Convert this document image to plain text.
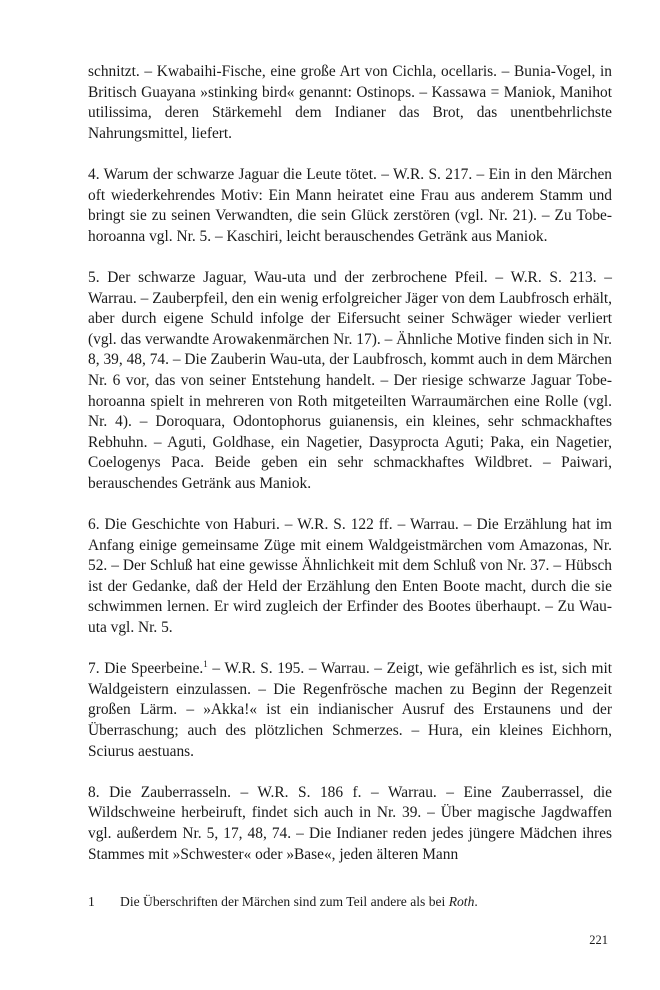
schnitzt. – Kwabaihi-Fische, eine große Art von Cichla, ocellaris. – Bunia-Vogel, in Britisch Guayana »stinking bird« genannt: Ostinops. – Kassawa = Maniok, Manihot utilissima, deren Stärkemehl dem Indianer das Brot, das unentbehrlichste Nahrungsmittel, liefert.

4. Warum der schwarze Jaguar die Leute tötet. – W.R. S. 217. – Ein in den Märchen oft wiederkehrendes Motiv: Ein Mann heiratet eine Frau aus anderem Stamm und bringt sie zu seinen Verwandten, die sein Glück zerstören (vgl. Nr. 21). – Zu Tobe-horoanna vgl. Nr. 5. – Kaschiri, leicht berauschendes Getränk aus Maniok.

5. Der schwarze Jaguar, Wau-uta und der zerbrochene Pfeil. – W.R. S. 213. – Warrau. – Zauberpfeil, den ein wenig erfolgreicher Jäger von dem Laubfrosch erhält, aber durch eigene Schuld infolge der Eifersucht seiner Schwäger wieder verliert (vgl. das verwandte Arowakenmärchen Nr. 17). – Ähnliche Motive finden sich in Nr. 8, 39, 48, 74. – Die Zauberin Wau-uta, der Laubfrosch, kommt auch in dem Märchen Nr. 6 vor, das von seiner Entstehung handelt. – Der riesige schwarze Jaguar Tobe-horoanna spielt in mehreren von Roth mitgeteilten Warraumärchen eine Rolle (vgl. Nr. 4). – Doroquara, Odontophorus guianensis, ein kleines, sehr schmackhaftes Rebhuhn. – Aguti, Goldhase, ein Nagetier, Dasyprocta Aguti; Paka, ein Nagetier, Coelogenys Paca. Beide geben ein sehr schmackhaftes Wildbret. – Paiwari, berauschendes Getränk aus Maniok.

6. Die Geschichte von Haburi. – W.R. S. 122 ff. – Warrau. – Die Erzählung hat im Anfang einige gemeinsame Züge mit einem Waldgeistmärchen vom Amazonas, Nr. 52. – Der Schluß hat eine gewisse Ähnlichkeit mit dem Schluß von Nr. 37. – Hübsch ist der Gedanke, daß der Held der Erzählung den Enten Boote macht, durch die sie schwimmen lernen. Er wird zugleich der Erfinder des Bootes überhaupt. – Zu Wau-uta vgl. Nr. 5.

7. Die Speerbeine.$^1$ – W.R. S. 195. – Warrau. – Zeigt, wie gefährlich es ist, sich mit Waldgeistern einzulassen. – Die Regenfrösche machen zu Beginn der Regenzeit großen Lärm. – »Akka!« ist ein indianischer Ausruf des Erstaunens und der Überraschung; auch des plötzlichen Schmerzes. – Hura, ein kleines Eichhorn, Sciurus aestuans.

8. Die Zauberrasseln. – W.R. S. 186 f. – Warrau. – Eine Zauberrassel, die Wildschweine herbeiruft, findet sich auch in Nr. 39. – Über magische Jagdwaffen vgl. außerdem Nr. 5, 17, 48, 74. – Die Indianer reden jedes jüngere Mädchen ihres Stammes mit »Schwester« oder »Base«, jeden älteren Mann

1	Die Überschriften der Märchen sind zum Teil andere als bei Roth.
221
